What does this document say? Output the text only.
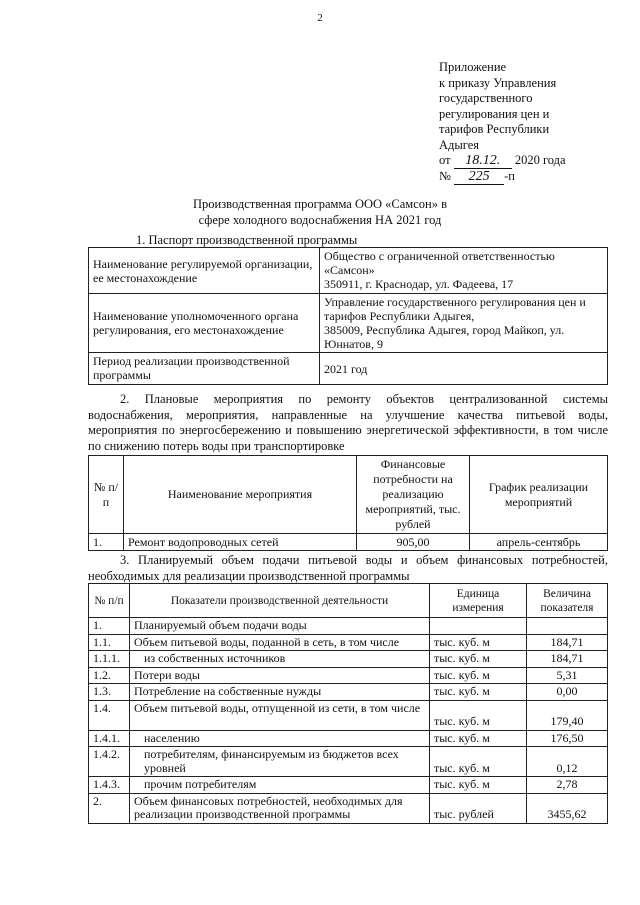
2
Приложение
к приказу Управления
государственного
регулирования цен и
тарифов Республики
Адыгея
от 18.12. 2020 года
№ 225 -п
Производственная программа ООО «Самсон» в
сфере холодного водоснабжения НА 2021 год
1. Паспорт производственной программы
Наименование регулируемой организации, ее местонахождение	Общество с ограниченной ответственностью «Самсон»
350911, г. Краснодар, ул. Фадеева, 17

Наименование уполномоченного органа регулирования, его местонахождение	Управление государственного регулирования цен и тарифов Республики Адыгея,
385009, Республика Адыгея, город Майкоп, ул. Юннатов, 9

Период реализации производственной программы	2021 год
2. Плановые мероприятия по ремонту объектов централизованной системы водоснабжения, мероприятия, направленные на улучшение качества питьевой воды, мероприятия по энергосбережению и повышению энергетической эффективности, в том числе по снижению потерь воды при транспортировке
№ п/п	Наименование мероприятия	Финансовые потребности на реализацию мероприятий, тыс. рублей	График реализации мероприятий
1.	Ремонт водопроводных сетей	905,00	апрель-сентябрь
3. Планируемый объем подачи питьевой воды и объем финансовых потребностей, необходимых для реализации производственной программы
№ п/п	Показатели производственной деятельности	Единица измерения	Величина показателя
1.	Планируемый объем подачи воды		
1.1.	Объем питьевой воды, поданной в сеть, в том числе	тыс. куб. м	184,71
1.1.1.	из собственных источников	тыс. куб. м	184,71
1.2.	Потери воды	тыс. куб. м	5,31
1.3.	Потребление на собственные нужды	тыс. куб. м	0,00
1.4.	Объем питьевой воды, отпущенной из сети, в том числе	тыс. куб. м	179,40
1.4.1.	населению	тыс. куб. м	176,50
1.4.2.	потребителям, финансируемым из бюджетов всех уровней	тыс. куб. м	0,12
1.4.3.	прочим потребителям	тыс. куб. м	2,78
2.	Объем финансовых потребностей, необходимых для реализации производственной программы	тыс. рублей	3455,62
